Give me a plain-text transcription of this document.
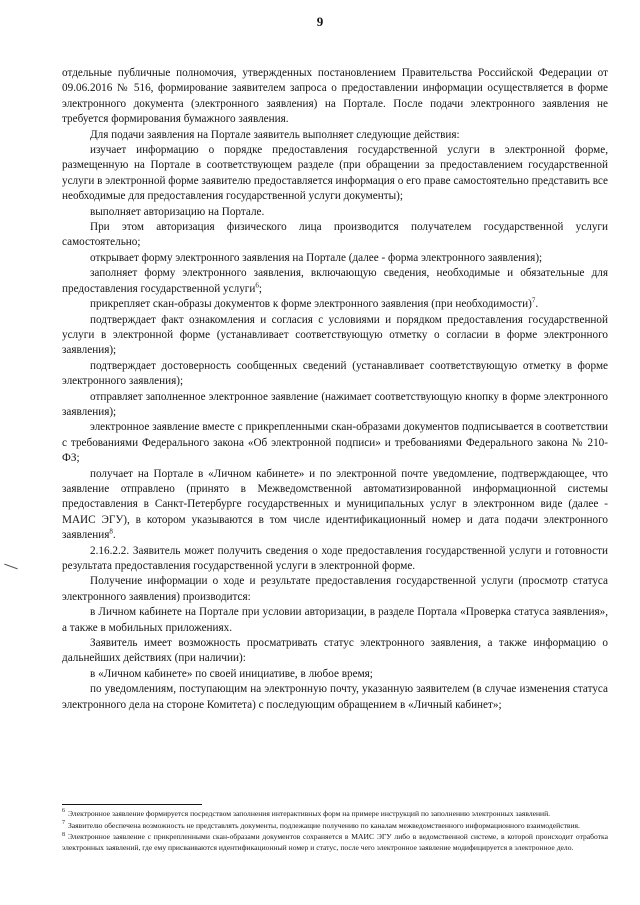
9

отдельные публичные полномочия, утвержденных постановлением Правительства Российской Федерации от 09.06.2016 № 516, формирование заявителем запроса о предоставлении информации осуществляется в форме электронного документа (электронного заявления) на Портале. После подачи электронного заявления не требуется формирования бумажного заявления.

Для подачи заявления на Портале заявитель выполняет следующие действия:

изучает информацию о порядке предоставления государственной услуги в электронной форме, размещенную на Портале в соответствующем разделе (при обращении за предоставлением государственной услуги в электронной форме заявителю предоставляется информация о его праве самостоятельно представить все необходимые для предоставления государственной услуги документы);

выполняет авторизацию на Портале.

При этом авторизация физического лица производится получателем государственной услуги самостоятельно;

открывает форму электронного заявления на Портале (далее - форма электронного заявления);

заполняет форму электронного заявления, включающую сведения, необходимые и обязательные для предоставления государственной услуги$^6$;

прикрепляет скан-образы документов к форме электронного заявления (при необходимости)$^7$.

подтверждает факт ознакомления и согласия с условиями и порядком предоставления государственной услуги в электронной форме (устанавливает соответствующую отметку о согласии в форме электронного заявления);

подтверждает достоверность сообщенных сведений (устанавливает соответствующую отметку в форме электронного заявления);

отправляет заполненное электронное заявление (нажимает соответствующую кнопку в форме электронного заявления);

электронное заявление вместе с прикрепленными скан-образами документов подписывается в соответствии с требованиями Федерального закона «Об электронной подписи» и требованиями Федерального закона № 210-ФЗ;

получает на Портале в «Личном кабинете» и по электронной почте уведомление, подтверждающее, что заявление отправлено (принято в Межведомственной автоматизированной информационной системы предоставления в Санкт-Петербурге государственных и муниципальных услуг в электронном виде (далее - МАИС ЭГУ), в котором указываются в том числе идентификационный номер и дата подачи электронного заявления$^8$.

2.16.2.2. Заявитель может получить сведения о ходе предоставления государственной услуги и готовности результата предоставления государственной услуги в электронной форме.

Получение информации о ходе и результате предоставления государственной услуги (просмотр статуса электронного заявления) производится:

в Личном кабинете на Портале при условии авторизации, в разделе Портала «Проверка статуса заявления», а также в мобильных приложениях.

Заявитель имеет возможность просматривать статус электронного заявления, а также информацию о дальнейших действиях (при наличии):

в «Личном кабинете» по своей инициативе, в любое время;

по уведомлениям, поступающим на электронную почту, указанную заявителем (в случае изменения статуса электронного дела на стороне Комитета) с последующим обращением в «Личный кабинет»;

$^6$ Электронное заявление формируется посредством заполнения интерактивных форм на примере инструкций по заполнению электронных заявлений.

$^7$ Заявителю обеспечена возможность не представлять документы, подлежащие получению по каналам межведомственного информационного взаимодействия.

$^8$ Электронное заявление с прикрепленными скан-образами документов сохраняется в МАИС ЭГУ либо в ведомственной системе, в которой происходит отработка электронных заявлений, где ему присваиваются идентификационный номер и статус, после чего электронное заявление модифицируется в электронное дело.
